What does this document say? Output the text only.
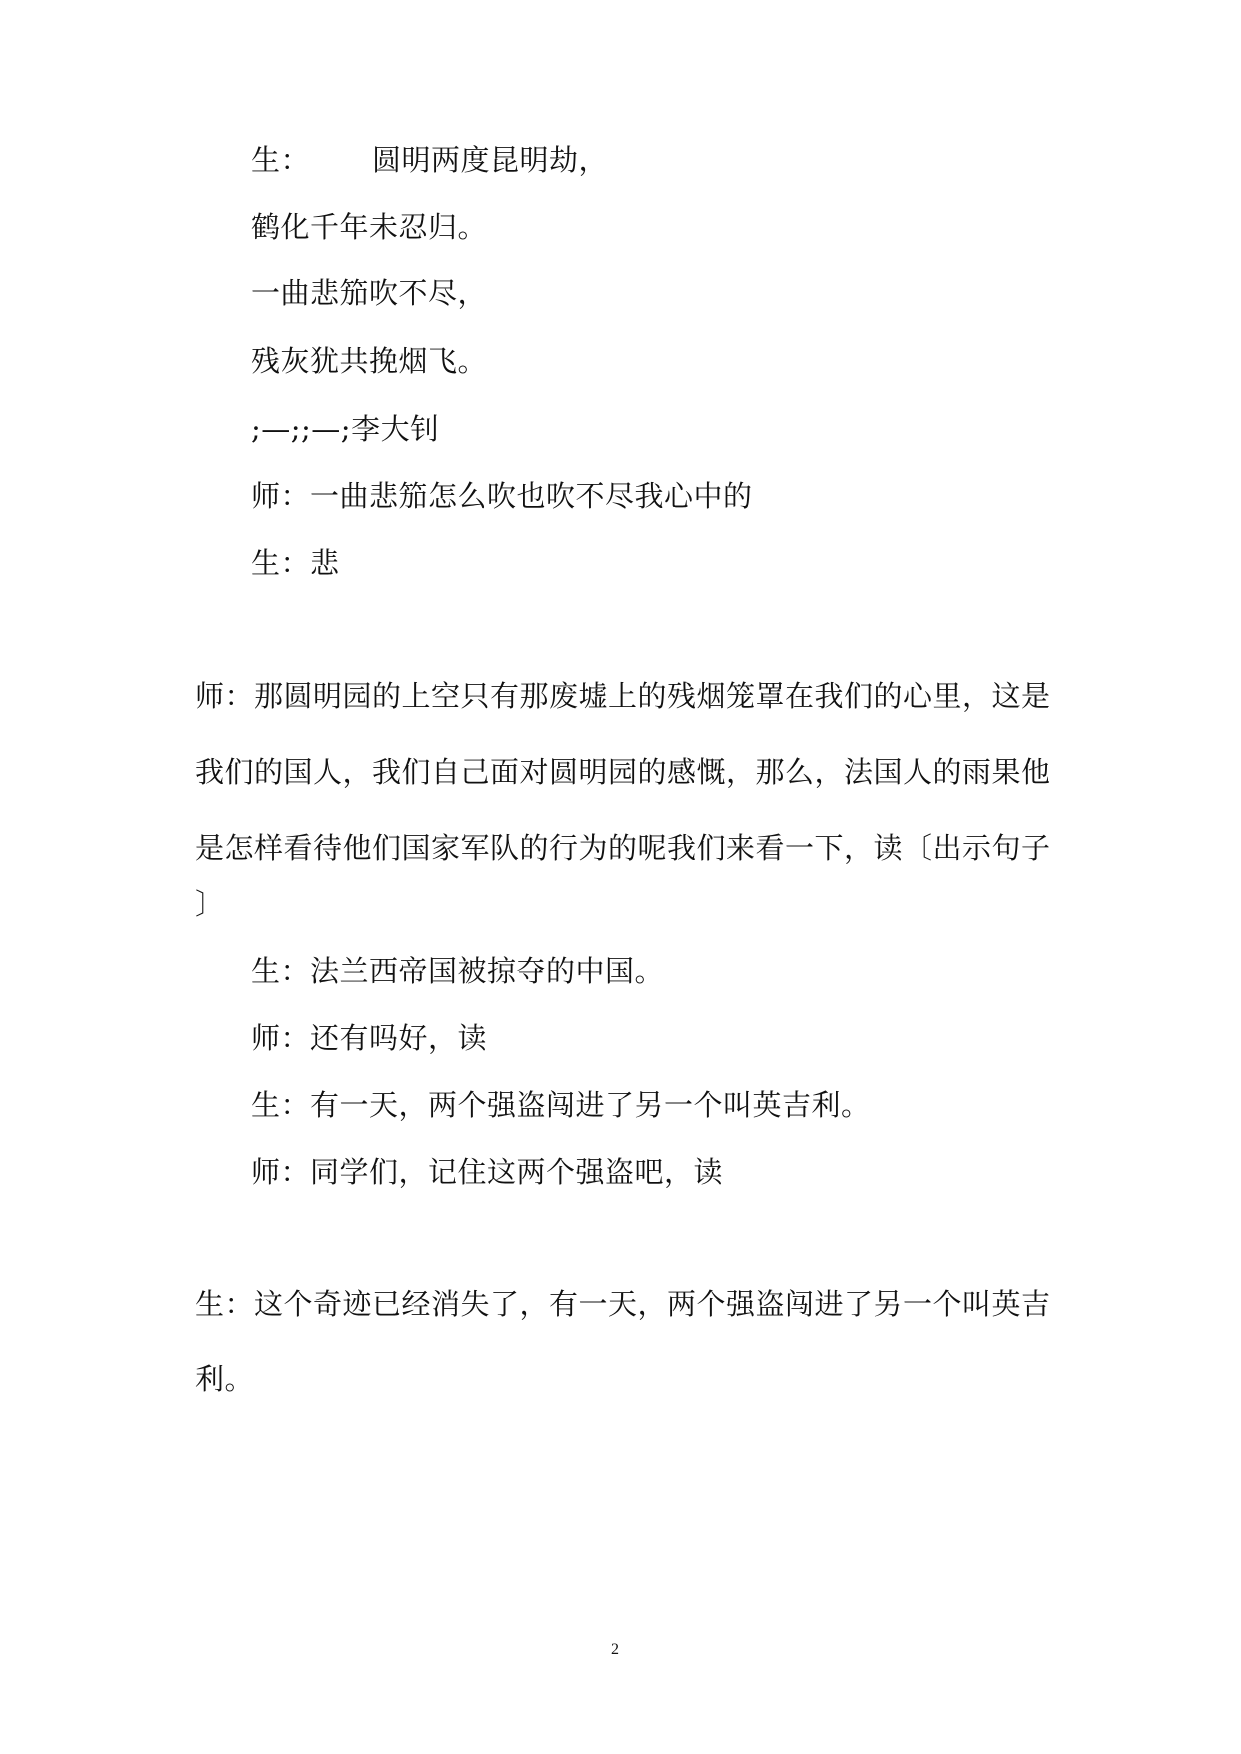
生： 圆明两度昆明劫，
鹤化千年未忍归。
一曲悲笳吹不尽，
残灰犹共挽烟飞。
;—;;—;李大钊
师：一曲悲笳怎么吹也吹不尽我心中的
生：悲
师：那圆明园的上空只有那废墟上的残烟笼罩在我们的心里，这是
我们的国人，我们自己面对圆明园的感慨，那么，法国人的雨果他
是怎样看待他们国家军队的行为的呢我们来看一下，读〔出示句子
〕
生：法兰西帝国被掠夺的中国。
师：还有吗好，读
生：有一天，两个强盗闯进了另一个叫英吉利。
师：同学们，记住这两个强盗吧，读
生：这个奇迹已经消失了，有一天，两个强盗闯进了另一个叫英吉
利。
2
